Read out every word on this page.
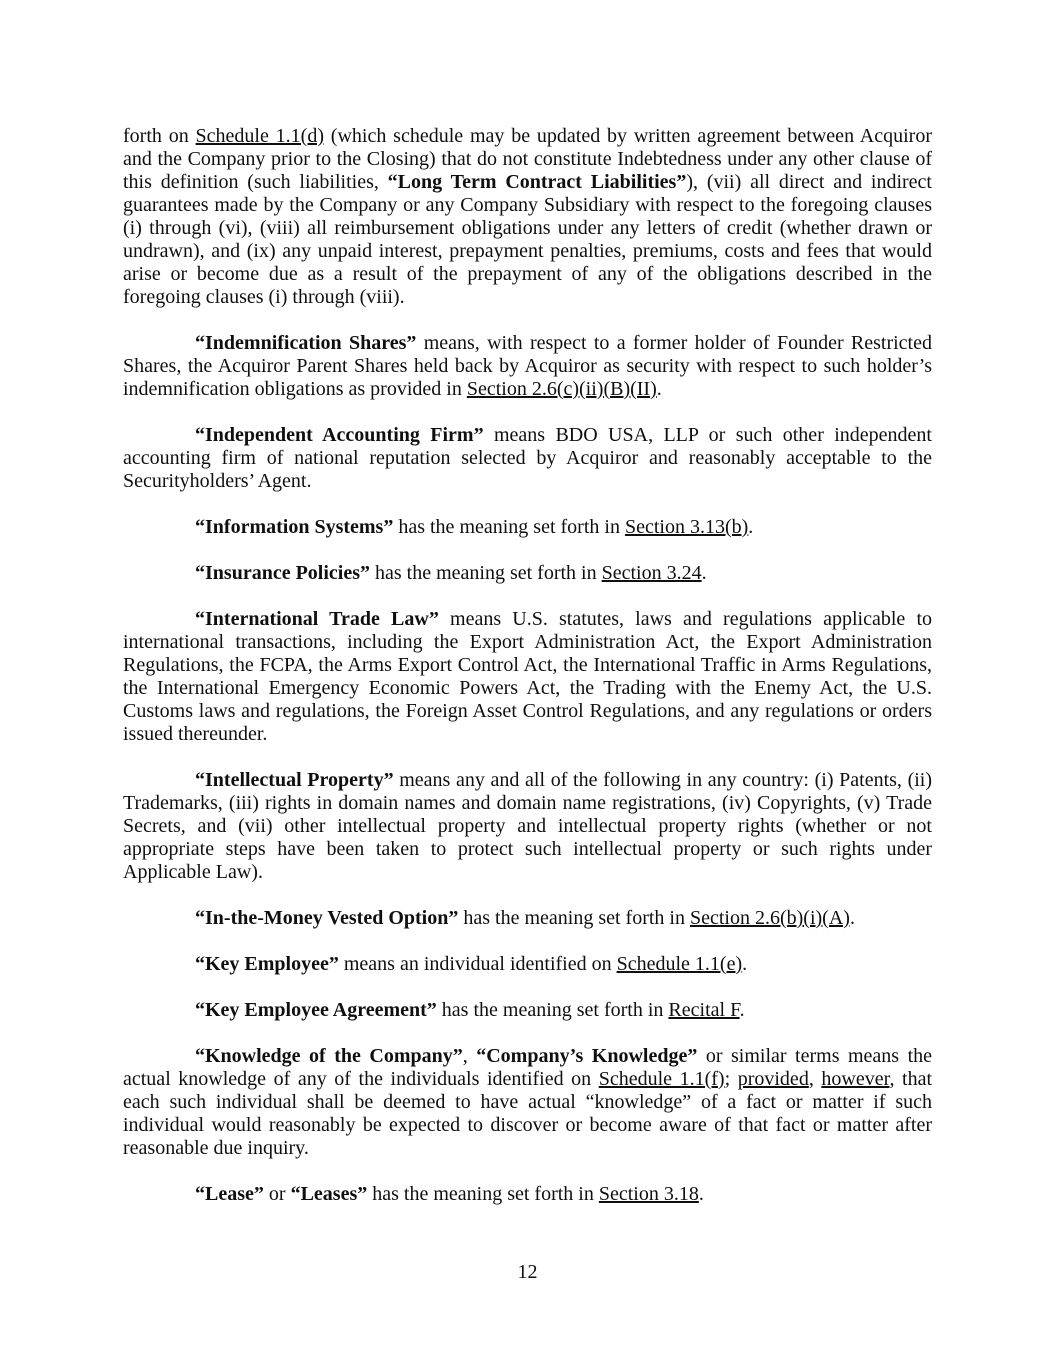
forth on Schedule 1.1(d) (which schedule may be updated by written agreement between Acquiror and the Company prior to the Closing) that do not constitute Indebtedness under any other clause of this definition (such liabilities, “Long Term Contract Liabilities”), (vii) all direct and indirect guarantees made by the Company or any Company Subsidiary with respect to the foregoing clauses (i) through (vi), (viii) all reimbursement obligations under any letters of credit (whether drawn or undrawn), and (ix) any unpaid interest, prepayment penalties, premiums, costs and fees that would arise or become due as a result of the prepayment of any of the obligations described in the foregoing clauses (i) through (viii).

“Indemnification Shares” means, with respect to a former holder of Founder Restricted Shares, the Acquiror Parent Shares held back by Acquiror as security with respect to such holder’s indemnification obligations as provided in Section 2.6(c)(ii)(B)(II).

“Independent Accounting Firm” means BDO USA, LLP or such other independent accounting firm of national reputation selected by Acquiror and reasonably acceptable to the Securityholders’ Agent.

“Information Systems” has the meaning set forth in Section 3.13(b).

“Insurance Policies” has the meaning set forth in Section 3.24.

“International Trade Law” means U.S. statutes, laws and regulations applicable to international transactions, including the Export Administration Act, the Export Administration Regulations, the FCPA, the Arms Export Control Act, the International Traffic in Arms Regulations, the International Emergency Economic Powers Act, the Trading with the Enemy Act, the U.S. Customs laws and regulations, the Foreign Asset Control Regulations, and any regulations or orders issued thereunder.

“Intellectual Property” means any and all of the following in any country: (i) Patents, (ii) Trademarks, (iii) rights in domain names and domain name registrations, (iv) Copyrights, (v) Trade Secrets, and (vii) other intellectual property and intellectual property rights (whether or not appropriate steps have been taken to protect such intellectual property or such rights under Applicable Law).

“In-the-Money Vested Option” has the meaning set forth in Section 2.6(b)(i)(A).

“Key Employee” means an individual identified on Schedule 1.1(e).

“Key Employee Agreement” has the meaning set forth in Recital F.

“Knowledge of the Company”, “Company’s Knowledge” or similar terms means the actual knowledge of any of the individuals identified on Schedule 1.1(f); provided, however, that each such individual shall be deemed to have actual “knowledge” of a fact or matter if such individual would reasonably be expected to discover or become aware of that fact or matter after reasonable due inquiry.

“Lease” or “Leases” has the meaning set forth in Section 3.18.

12
